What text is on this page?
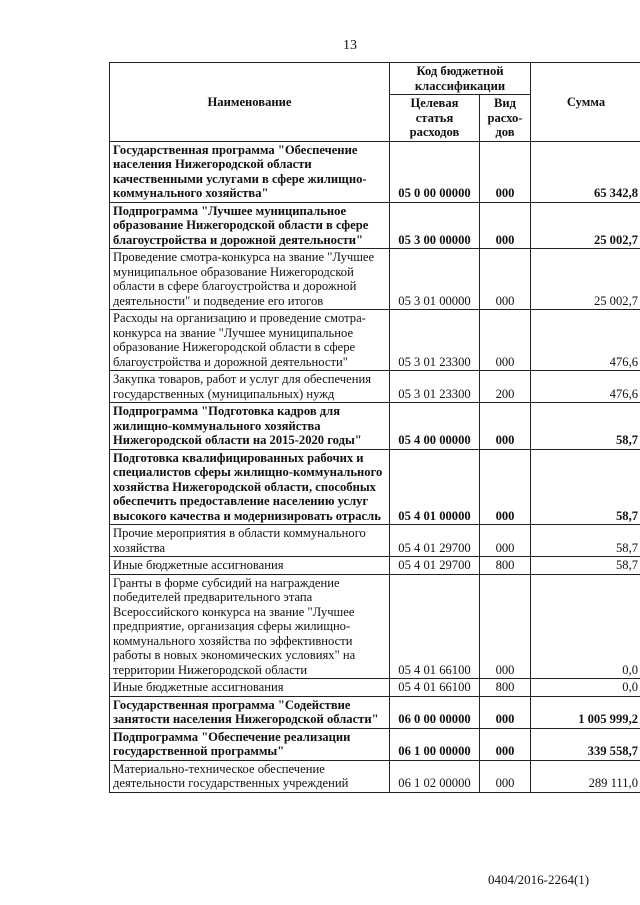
13
Наименование	Код бюджетной классификации		Сумма
	Целевая статья расходов	Вид расхо-дов	
Государственная программа "Обеспечение населения Нижегородской области качественными услугами в сфере жилищно-коммунального хозяйства"	05 0 00 00000	000	65 342,8
Подпрограмма "Лучшее муниципальное образование Нижегородской области в сфере благоустройства и дорожной деятельности"	05 3 00 00000	000	25 002,7
Проведение смотра-конкурса на звание "Лучшее муниципальное образование Нижегородской области в сфере благоустройства и дорожной деятельности" и подведение его итогов	05 3 01 00000	000	25 002,7
Расходы на организацию и проведение смотра-конкурса на звание "Лучшее муниципальное образование Нижегородской области в сфере благоустройства и дорожной деятельности"	05 3 01 23300	000	476,6
Закупка товаров, работ и услуг для обеспечения государственных (муниципальных) нужд	05 3 01 23300	200	476,6
Подпрограмма "Подготовка кадров для жилищно-коммунального хозяйства Нижегородской области на 2015-2020 годы"	05 4 00 00000	000	58,7
Подготовка квалифицированных рабочих и специалистов сферы жилищно-коммунального хозяйства Нижегородской области, способных обеспечить предоставление населению услуг высокого качества и модернизировать отрасль	05 4 01 00000	000	58,7
Прочие мероприятия в области коммунального хозяйства	05 4 01 29700	000	58,7
Иные бюджетные ассигнования	05 4 01 29700	800	58,7
Гранты в форме субсидий на награждение победителей предварительного этапа Всероссийского конкурса на звание "Лучшее предприятие, организация сферы жилищно-коммунального хозяйства по эффективности работы в новых экономических условиях" на территории Нижегородской области	05 4 01 66100	000	0,0
Иные бюджетные ассигнования	05 4 01 66100	800	0,0
Государственная программа "Содействие занятости населения Нижегородской области"	06 0 00 00000	000	1 005 999,2
Подпрограмма "Обеспечение реализации государственной программы"	06 1 00 00000	000	339 558,7
Материально-техническое обеспечение деятельности государственных учреждений	06 1 02 00000	000	289 111,0
0404/2016-2264(1)
